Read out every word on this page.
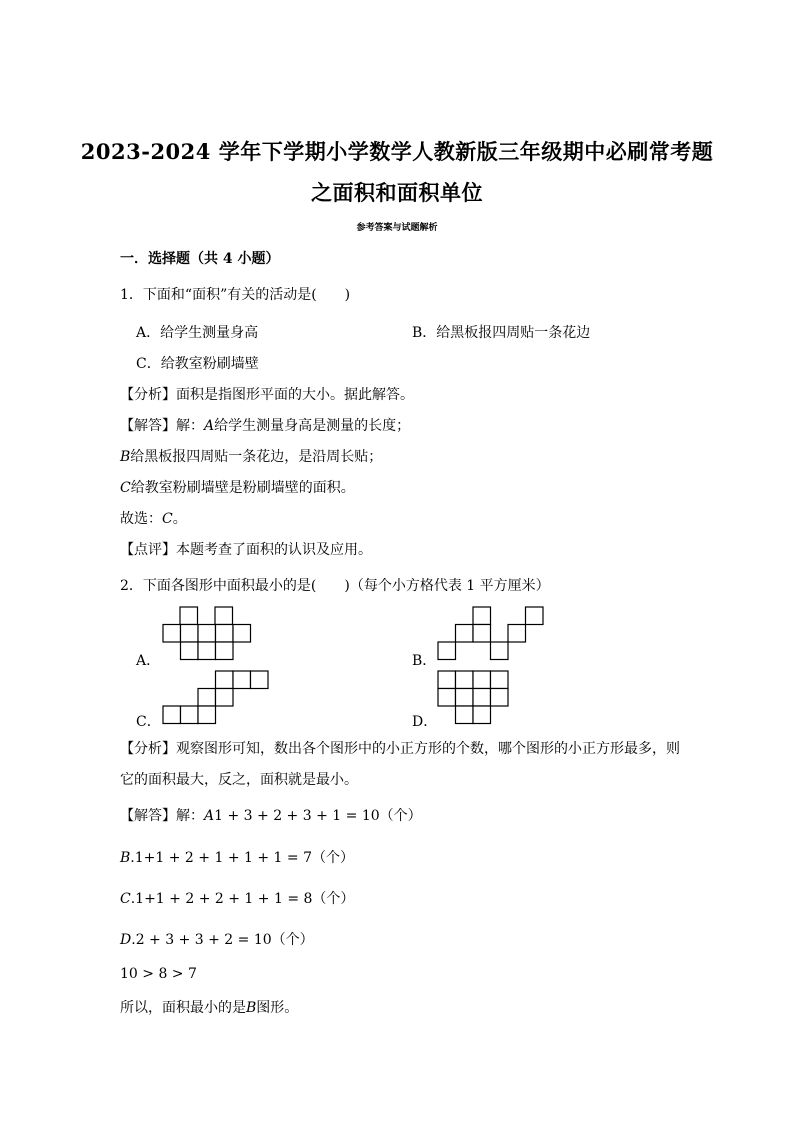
2023-2024 学年下学期小学数学人教新版三年级期中必刷常考题
之面积和面积单位
参考答案与试题解析
一．选择题（共 4 小题）
1．下面和“面积”有关的活动是(　　)
A．给学生测量身高	B．给黑板报四周贴一条花边
C．给教室粉刷墙壁
【分析】面积是指图形平面的大小。据此解答。
【解答】解：A给学生测量身高是测量的长度；
B给黑板报四周贴一条花边，是沿周长贴；
C给教室粉刷墙壁是粉刷墙壁的面积。
故选：C。
【点评】本题考查了面积的认识及应用。
2．下面各图形中面积最小的是(　　)（每个小方格代表 1 平方厘米）
A．	B．
C．	D．
【分析】观察图形可知，数出各个图形中的小正方形的个数，哪个图形的小正方形最多，则
它的面积最大，反之，面积就是最小。
【解答】解：A1 + 3 + 2 + 3 + 1 = 10（个）
B.1+1 + 2 + 1 + 1 + 1 = 7（个）
C.1+1 + 2 + 2 + 1 + 1 = 8（个）
D.2 + 3 + 3 + 2 = 10（个）
10 > 8 > 7
所以，面积最小的是B图形。
